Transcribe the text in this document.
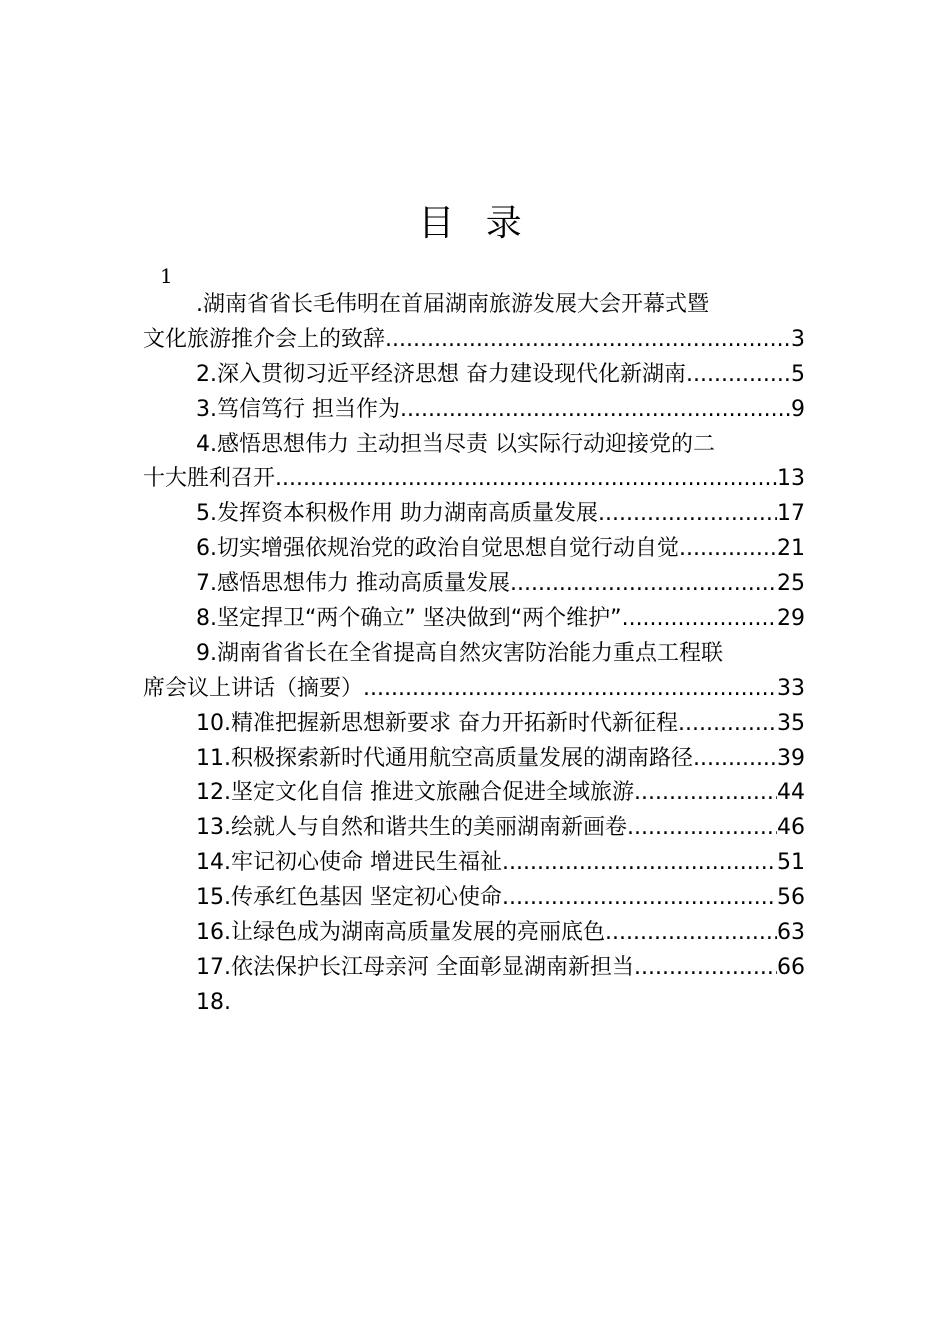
目 录
1
.湖南省省长毛伟明在首届湖南旅游发展大会开幕式暨
文化旅游推介会上的致辞 .....	3
2.深入贯彻习近平经济思想 奋力建设现代化新湖南 .....	5
3.笃信笃行 担当作为 .....	9
4.感悟思想伟力 主动担当尽责 以实际行动迎接党的二
十大胜利召开 .....	13
5.发挥资本积极作用 助力湖南高质量发展 .....	17
6.切实增强依规治党的政治自觉思想自觉行动自觉 .....	21
7.感悟思想伟力 推动高质量发展 .....	25
8.坚定捍卫“两个确立” 坚决做到“两个维护” .....	29
9.湖南省省长在全省提高自然灾害防治能力重点工程联
席会议上讲话（摘要） .....	33
10.精准把握新思想新要求 奋力开拓新时代新征程 .....	35
11.积极探索新时代通用航空高质量发展的湖南路径 .....	39
12.坚定文化自信 推进文旅融合促进全域旅游 .....	44
13.绘就人与自然和谐共生的美丽湖南新画卷 .....	46
14.牢记初心使命 增进民生福祉 .....	51
15.传承红色基因 坚定初心使命 .....	56
16.让绿色成为湖南高质量发展的亮丽底色 .....	63
17.依法保护长江母亲河 全面彰显湖南新担当 .....	66
18.
